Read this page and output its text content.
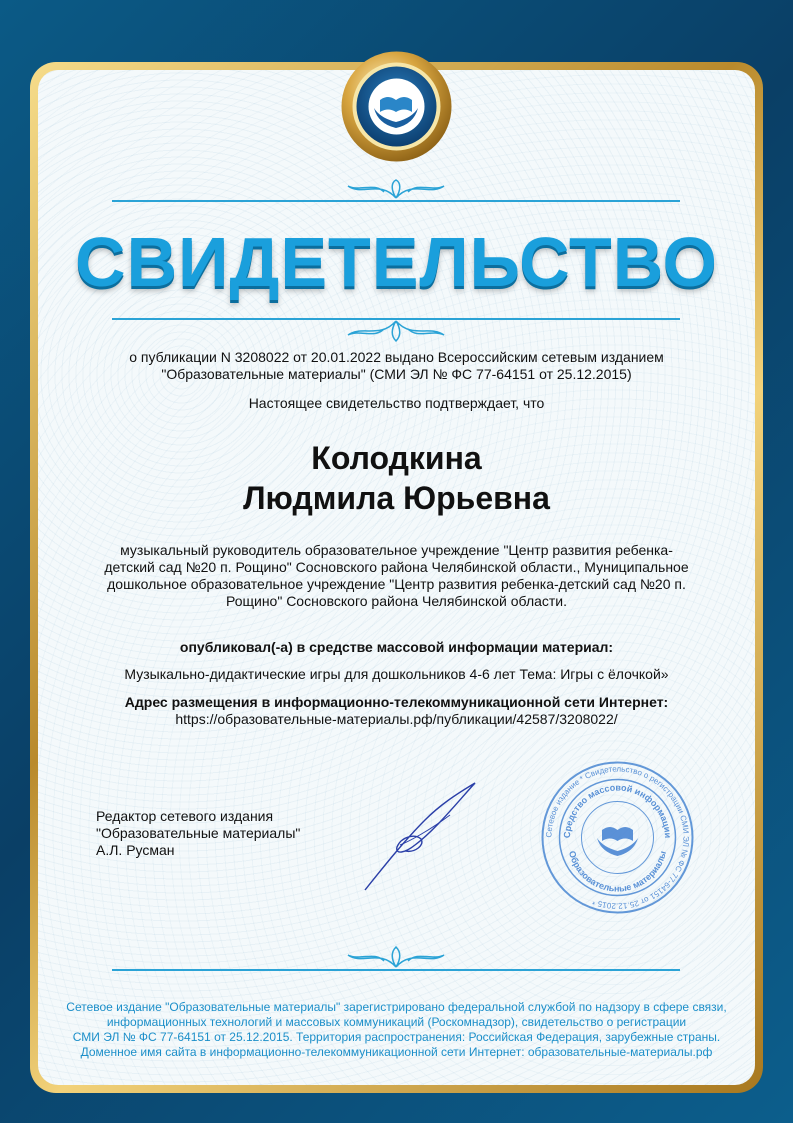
СВИДЕТЕЛЬСТВО
о публикации N 3208022 от 20.01.2022 выдано Всероссийским сетевым изданием
"Образовательные материалы" (СМИ ЭЛ № ФС 77-64151 от 25.12.2015)
Настоящее свидетельство подтверждает, что
Колодкина
Людмила Юрьевна
музыкальный руководитель образовательное учреждение "Центр развития ребенка-
детский сад №20 п. Рощино" Сосновского района Челябинской области., Муниципальное
дошкольное образовательное учреждение "Центр развития ребенка-детский сад №20 п.
Рощино" Сосновского района Челябинской области.
опубликовал(-а) в средстве массовой информации материал:
Музыкально-дидактические игры для дошкольников 4-6 лет Тема: Игры с ёлочкой»
Адрес размещения в информационно-телекоммуникационной сети Интернет:
https://образовательные-материалы.рф/публикации/42587/3208022/
Редактор сетевого издания
"Образовательные материалы"
А.Л. Русман
Сетевое издание * Свидетельство о регистрации СМИ ЭЛ № ФС 77-64151 от 25.12.2015 *
Средство массовой информации
Образовательные материалы
Сетевое издание "Образовательные материалы" зарегистрировано федеральной службой по надзору в сфере связи,
информационных технологий и массовых коммуникаций (Роскомнадзор), свидетельство о регистрации
СМИ ЭЛ № ФС 77-64151 от 25.12.2015. Территория распространения: Российская Федерация, зарубежные страны.
Доменное имя сайта в информационно-телекоммуникационной сети Интернет: образовательные-материалы.рф
